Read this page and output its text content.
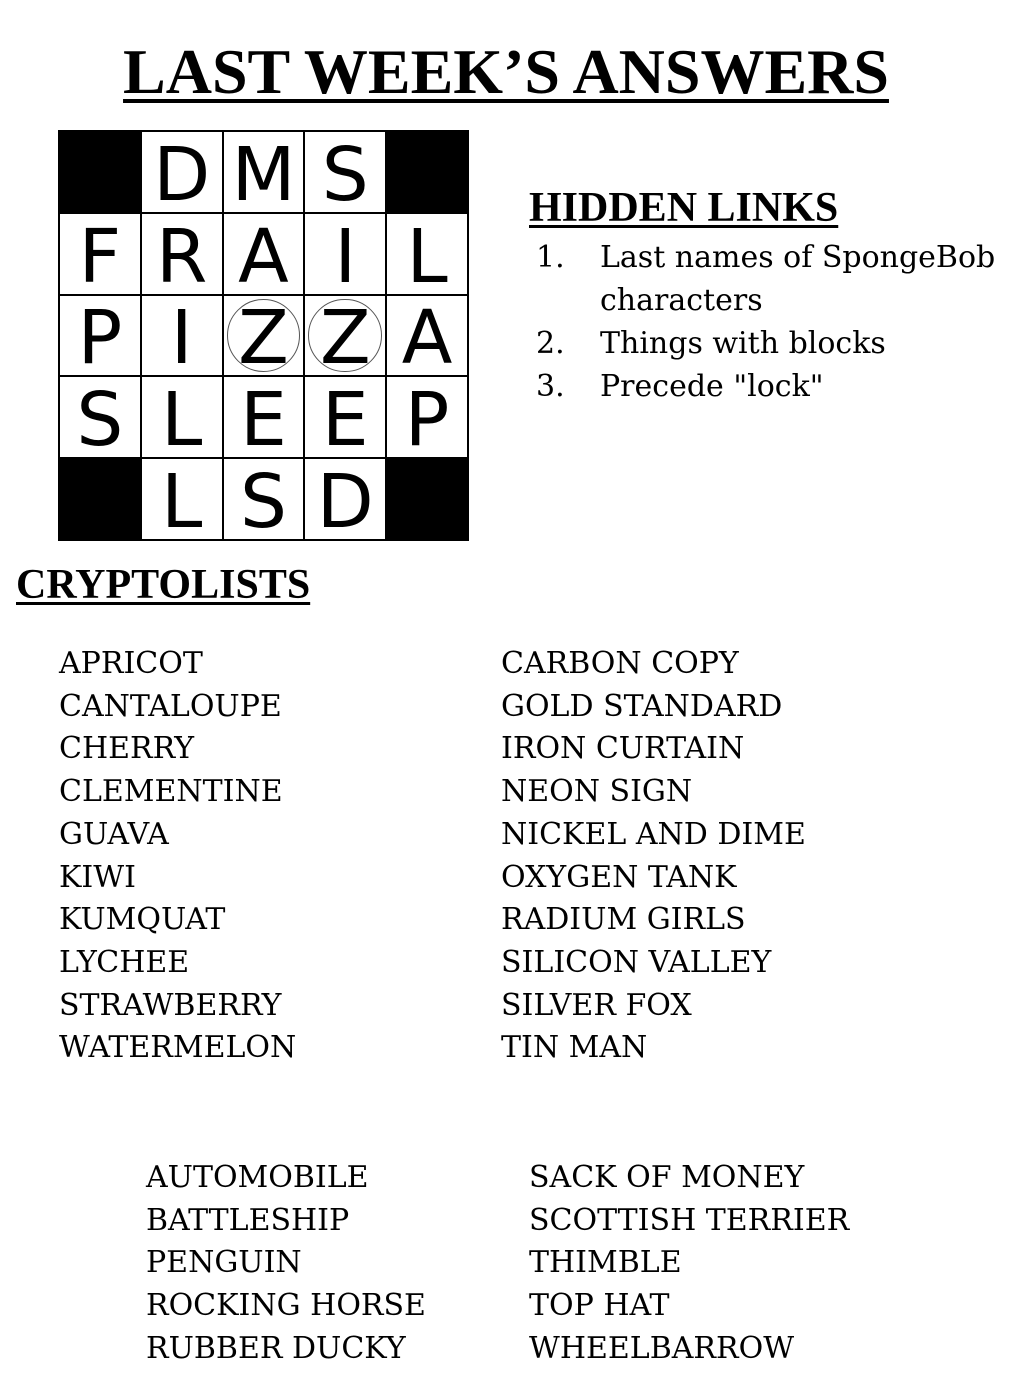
LAST WEEK’S ANSWERS
D M S
F R A I L
P I Z Z A
S L E E P
L S D
HIDDEN LINKS
1.	Last names of SpongeBob characters
2.	Things with blocks
3.	Precede "lock"
CRYPTOLISTS
APRICOT
CANTALOUPE
CHERRY
CLEMENTINE
GUAVA
KIWI
KUMQUAT
LYCHEE
STRAWBERRY
WATERMELON
CARBON COPY
GOLD STANDARD
IRON CURTAIN
NEON SIGN
NICKEL AND DIME
OXYGEN TANK
RADIUM GIRLS
SILICON VALLEY
SILVER FOX
TIN MAN
AUTOMOBILE
BATTLESHIP
PENGUIN
ROCKING HORSE
RUBBER DUCKY
SACK OF MONEY
SCOTTISH TERRIER
THIMBLE
TOP HAT
WHEELBARROW
